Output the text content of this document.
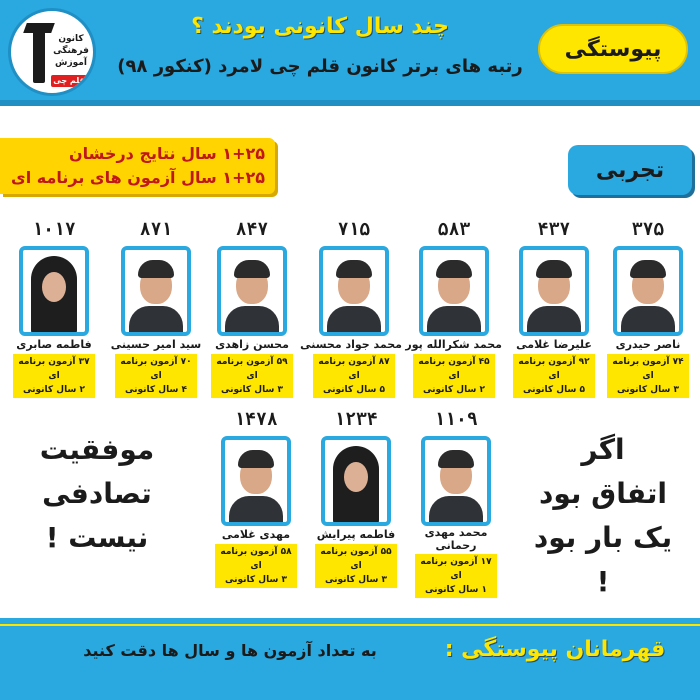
کانون
فرهنگی
آموزش
قلم چی
پیوستگی
چند سال کانونی بودند ؟
رتبه های برتر کانون قلم چی لامرد (کنکور ۹۸)
۱+۲۵ سال نتایج درخشان
۱+۲۵ سال آزمون های برنامه ای	تجربی
موفقیت
تصادفی
نیست !
اگر
اتفاق بود
یک بار بود !
قهرمانان پیوستگی :
به تعداد آزمون ها و سال ها دقت کنید
۳۷۵
ناصر حیدری
۷۴ آزمون برنامه ای
۳ سال کانونی
۴۳۷
علیرضا غلامی
۹۲ آزمون برنامه ای
۵ سال کانونی
۵۸۳
محمد شکرالله پور
۴۵ آزمون برنامه ای
۲ سال کانونی
۷۱۵
محمد جواد محسنی
۸۷ آزمون برنامه ای
۵ سال کانونی
۸۴۷
محسن زاهدی
۵۹ آزمون برنامه ای
۳ سال کانونی
۸۷۱
سید امیر حسینی
۷۰ آزمون برنامه ای
۴ سال کانونی
۱۰۱۷
فاطمه صابری
۳۷ آزمون برنامه ای
۲ سال کانونی
۱۱۰۹
محمد مهدی رحمانی
۱۷ آزمون برنامه ای
۱ سال کانونی
۱۲۳۴
فاطمه پیرایش
۵۵ آزمون برنامه ای
۳ سال کانونی
۱۴۷۸
مهدی غلامی
۵۸ آزمون برنامه ای
۳ سال کانونی
